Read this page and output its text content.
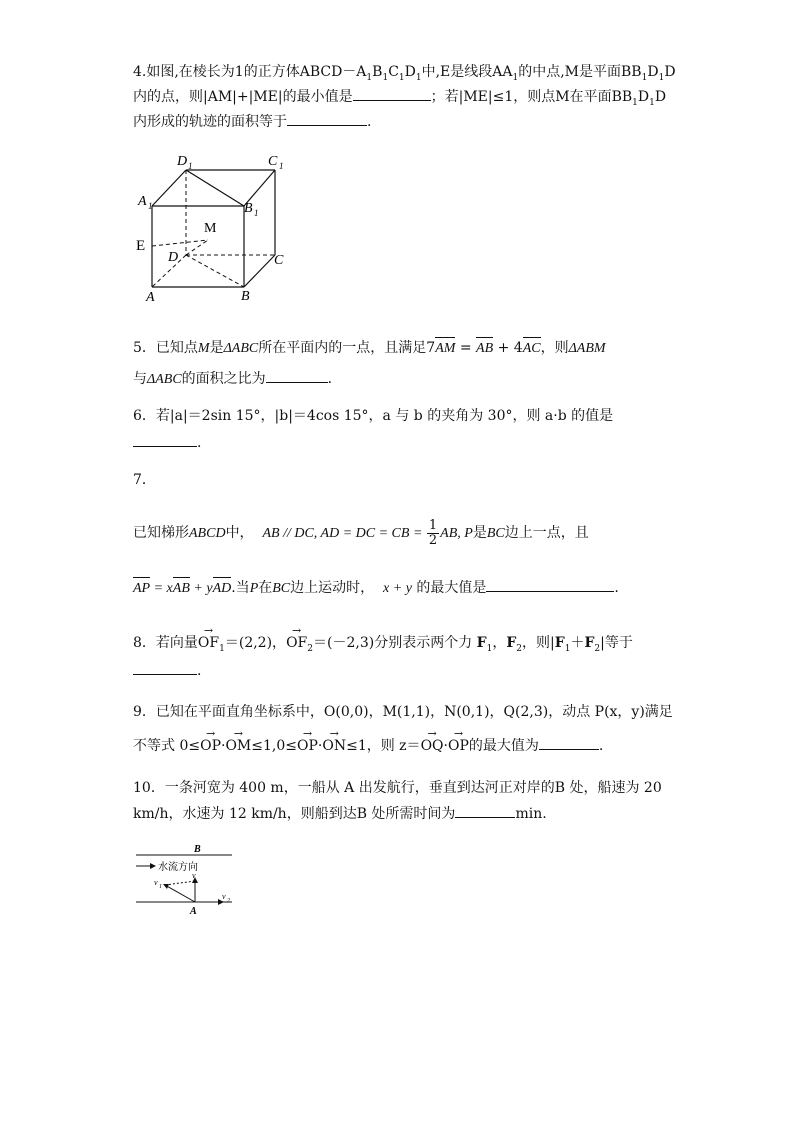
4.如图,在棱长为1的正方体$ABCD-A_1B_1C_1D_1$中,E是线段$AA_1$的中点,M是平面$BB_1D_1D$
内的点，则|AM|+|ME|的最小值是	；若|ME|≤1，则点M在平面$BB_1D_1D$
内形成的轨迹的面积等于	.
D 1	C 1
A 1	B 1
E
M
D	C
A	B
5．已知点M是ΔABC所在平面内的一点，且满足7AM = AB + 4AC，则ΔABM
与ΔABC的面积之比为	．
6．若|a|＝2sin 15°，|b|＝4cos 15°，a 与 b 的夹角为 30°，则 a·b 的值是
.
7．
已知梯形ABCD中， AB // DC, AD = DC = CB = $\frac{1}{2}$ AB, P是BC边上一点，且
AP = xAB + yAD.当P在BC边上运动时， x + y 的最大值是	.
8．若向量→ $OF_1=(2,2)$，→ $OF_2=(-2,3)$分别表示两个力 $F_1$，$F_2$，则$|F_1+F_2|$等于
.
9．已知在平面直角坐标系中，O(0,0)，M(1,1)，N(0,1)，Q(2,3)，动点 P(x，y)满足
不等式 0≤→ OP·→ OM≤1,0≤→ OP·→ ON≤1，则 z＝→ OQ·→ OP的最大值为	.
10．一条河宽为 400 m，一船从 A 出发航行，垂直到达河正对岸的B 处，船速为 20
km/h，水速为 12 km/h，则船到达B 处所需时间为	min.
B
水流方向
v
v 1
v 2
A
